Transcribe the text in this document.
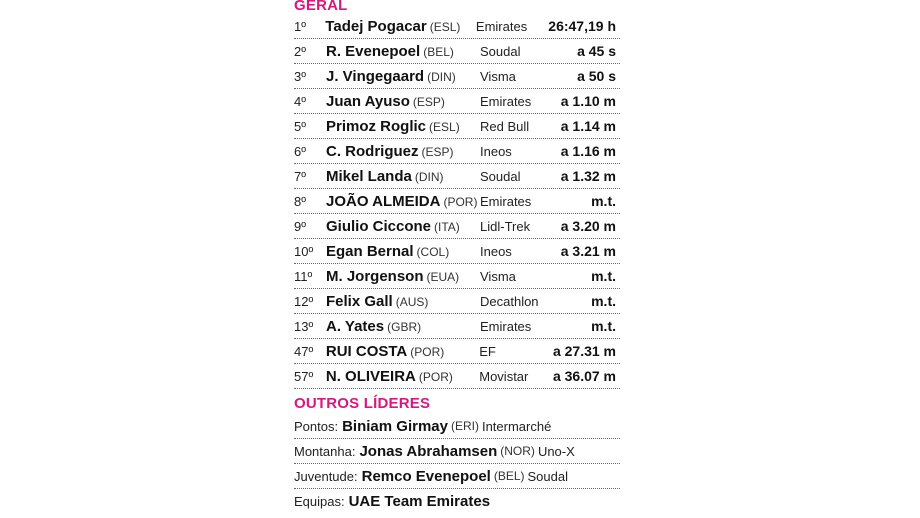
GERAL
1º	Tadej Pogacar (ESL)	Emirates	26:47,19 h
2º	R. Evenepoel (BEL)	Soudal	a 45 s
3º	J. Vingegaard (DIN)	Visma	a 50 s
4º	Juan Ayuso (ESP)	Emirates	a 1.10 m
5º	Primoz Roglic (ESL)	Red Bull	a 1.14 m
6º	C. Rodriguez (ESP)	Ineos	a 1.16 m
7º	Mikel Landa (DIN)	Soudal	a 1.32 m
8º	JOÃO ALMEIDA (POR) Emirates	m.t.
9º	Giulio Ciccone (ITA)	Lidl-Trek	a 3.20 m
10º Egan Bernal (COL)	Ineos	a 3.21 m
11º M. Jorgenson (EUA)	Visma	m.t.
12º Felix Gall (AUS)	Decathlon	m.t.
13º A. Yates (GBR)	Emirates	m.t.
47º RUI COSTA (POR)	EF	a 27.31 m
57º N. OLIVEIRA (POR)	Movistar	a 36.07 m
OUTROS LÍDERES
Pontos: Biniam Girmay (ERI) Intermarché
Montanha: Jonas Abrahamsen (NOR) Uno-X
Juventude: Remco Evenepoel (BEL) Soudal
Equipas: UAE Team Emirates
